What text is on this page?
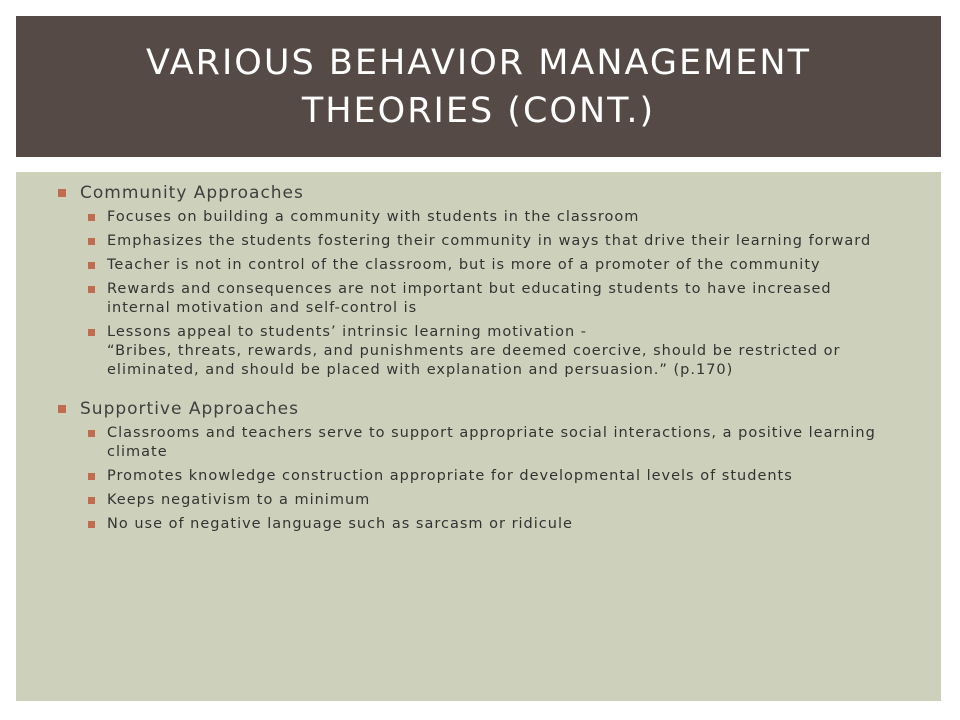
VARIOUS BEHAVIOR MANAGEMENT THEORIES (CONT.)
Community Approaches
Focuses on building a community with students in the classroom
Emphasizes the students fostering their community in ways that drive their learning forward
Teacher is not in control of the classroom, but is more of a promoter of the community
Rewards and consequences are not important but educating students to have increased internal motivation and self-control is
Lessons appeal to students’ intrinsic learning motivation -
“Bribes, threats, rewards, and punishments are deemed coercive, should be restricted or eliminated, and should be placed with explanation and persuasion.” (p.170)
Supportive Approaches
Classrooms and teachers serve to support appropriate social interactions, a positive learning climate
Promotes knowledge construction appropriate for developmental levels of students
Keeps negativism to a minimum
No use of negative language such as sarcasm or ridicule
